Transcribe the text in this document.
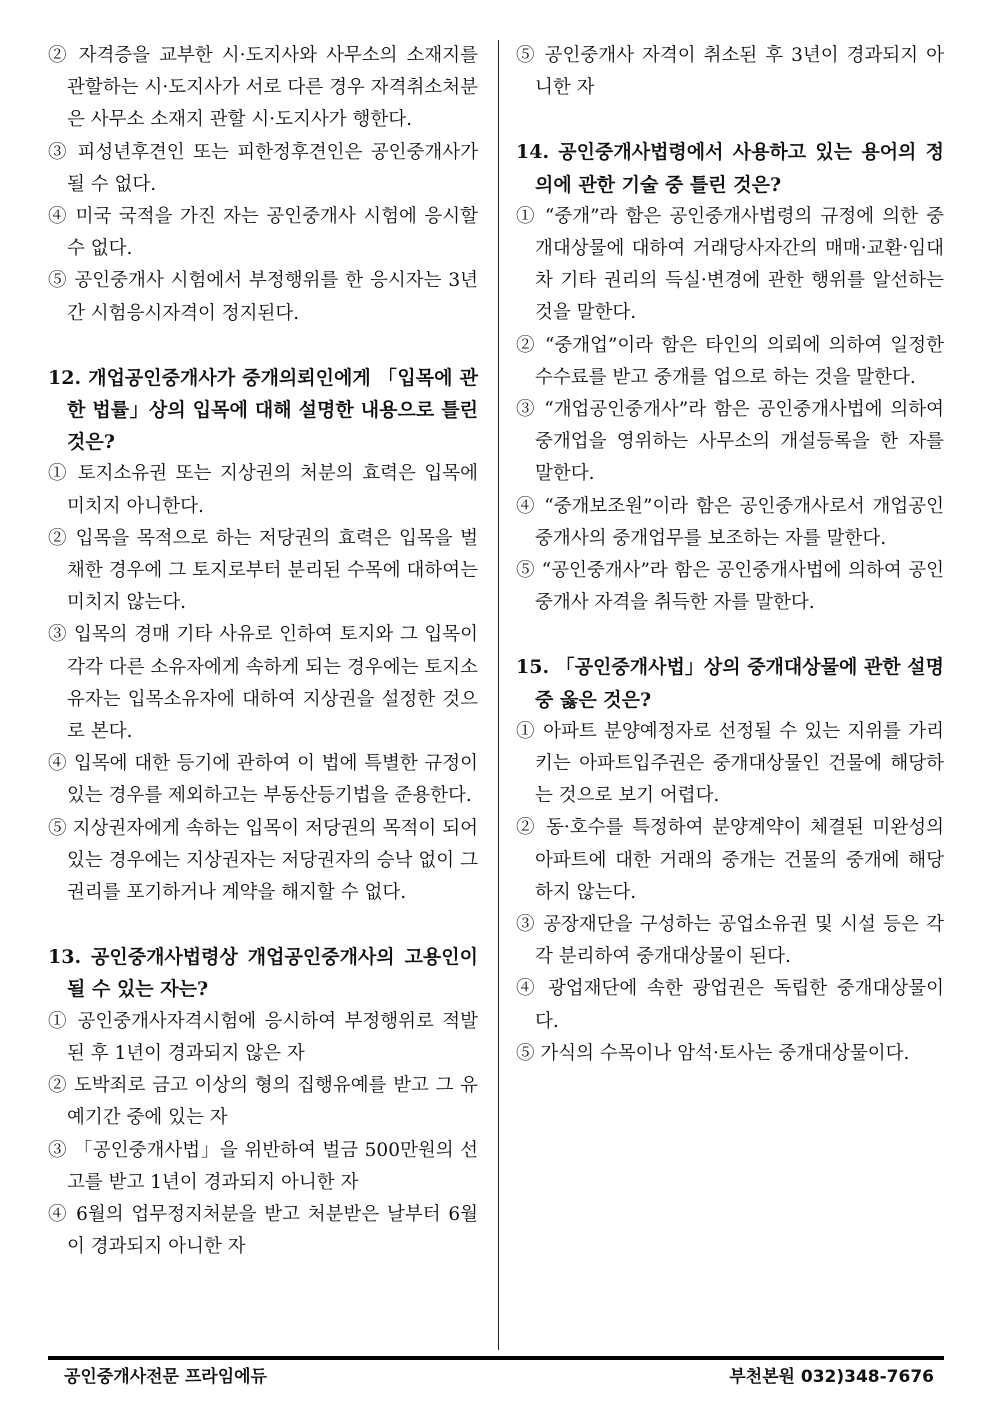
② 자격증을 교부한 시·도지사와 사무소의 소재지를 관할하는 시·도지사가 서로 다른 경우 자격취소처분은 사무소 소재지 관할 시·도지사가 행한다.

③ 피성년후견인 또는 피한정후견인은 공인중개사가 될 수 없다.

④ 미국 국적을 가진 자는 공인중개사 시험에 응시할 수 없다.

⑤ 공인중개사 시험에서 부정행위를 한 응시자는 3년간 시험응시자격이 정지된다.

12. 개업공인중개사가 중개의뢰인에게 「입목에 관한 법률」상의 입목에 대해 설명한 내용으로 틀린 것은?

① 토지소유권 또는 지상권의 처분의 효력은 입목에 미치지 아니한다.

② 입목을 목적으로 하는 저당권의 효력은 입목을 벌채한 경우에 그 토지로부터 분리된 수목에 대하여는 미치지 않는다.

③ 입목의 경매 기타 사유로 인하여 토지와 그 입목이 각각 다른 소유자에게 속하게 되는 경우에는 토지소유자는 입목소유자에 대하여 지상권을 설정한 것으로 본다.

④ 입목에 대한 등기에 관하여 이 법에 특별한 규정이 있는 경우를 제외하고는 부동산등기법을 준용한다.

⑤ 지상권자에게 속하는 입목이 저당권의 목적이 되어 있는 경우에는 지상권자는 저당권자의 승낙 없이 그 권리를 포기하거나 계약을 해지할 수 없다.

13. 공인중개사법령상 개업공인중개사의 고용인이 될 수 있는 자는?

① 공인중개사자격시험에 응시하여 부정행위로 적발된 후 1년이 경과되지 않은 자

② 도박죄로 금고 이상의 형의 집행유예를 받고 그 유예기간 중에 있는 자

③ 「공인중개사법」을 위반하여 벌금 500만원의 선고를 받고 1년이 경과되지 아니한 자

④ 6월의 업무정지처분을 받고 처분받은 날부터 6월이 경과되지 아니한 자

⑤ 공인중개사 자격이 취소된 후 3년이 경과되지 아니한 자

14. 공인중개사법령에서 사용하고 있는 용어의 정의에 관한 기술 중 틀린 것은?

① “중개”라 함은 공인중개사법령의 규정에 의한 중개대상물에 대하여 거래당사자간의 매매·교환·임대차 기타 권리의 득실·변경에 관한 행위를 알선하는 것을 말한다.

② “중개업”이라 함은 타인의 의뢰에 의하여 일정한 수수료를 받고 중개를 업으로 하는 것을 말한다.

③ “개업공인중개사”라 함은 공인중개사법에 의하여 중개업을 영위하는 사무소의 개설등록을 한 자를 말한다.

④ “중개보조원”이라 함은 공인중개사로서 개업공인중개사의 중개업무를 보조하는 자를 말한다.

⑤ “공인중개사”라 함은 공인중개사법에 의하여 공인중개사 자격을 취득한 자를 말한다.

15. 「공인중개사법」상의 중개대상물에 관한 설명 중 옳은 것은?

① 아파트 분양예정자로 선정될 수 있는 지위를 가리키는 아파트입주권은 중개대상물인 건물에 해당하는 것으로 보기 어렵다.

② 동·호수를 특정하여 분양계약이 체결된 미완성의 아파트에 대한 거래의 중개는 건물의 중개에 해당하지 않는다.

③ 공장재단을 구성하는 공업소유권 및 시설 등은 각각 분리하여 중개대상물이 된다.

④ 광업재단에 속한 광업권은 독립한 중개대상물이다.

⑤ 가식의 수목이나 암석·토사는 중개대상물이다.

공인중개사전문 프라임에듀	부천본원 032)348-7676
